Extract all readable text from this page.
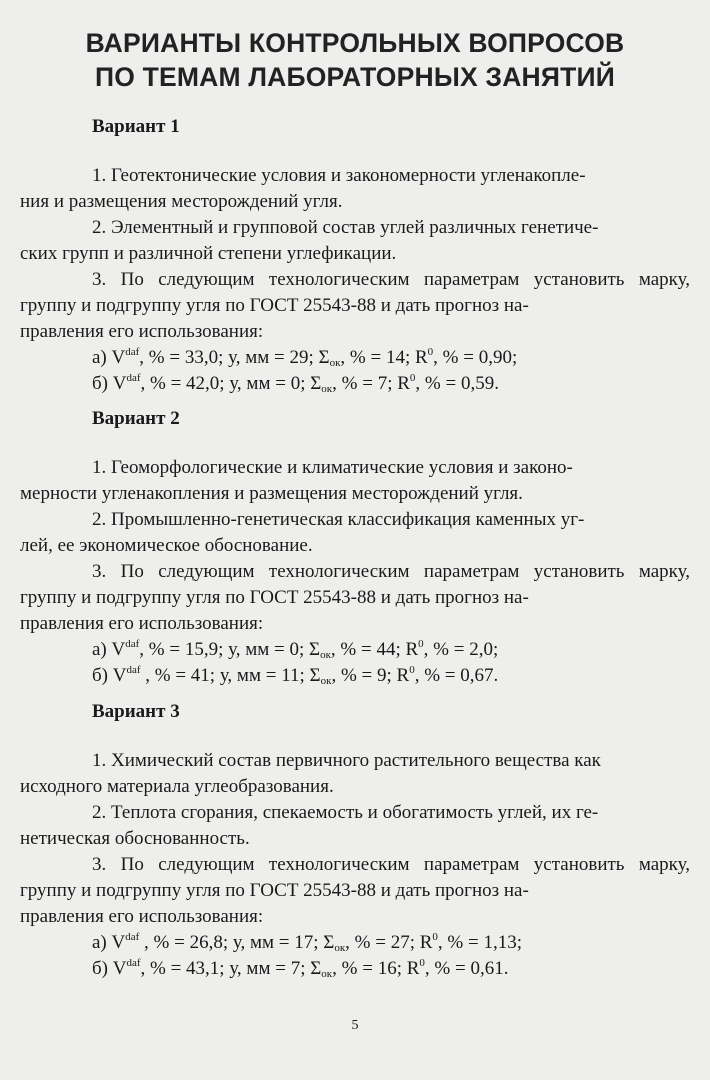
ВАРИАНТЫ КОНТРОЛЬНЫХ ВОПРОСОВ
ПО ТЕМАМ ЛАБОРАТОРНЫХ ЗАНЯТИЙ
Вариант 1

1. Геотектонические условия и закономерности угленакопле-
ния и размещения месторождений угля.

2. Элементный и групповой состав углей различных генетиче-
ских групп и различной степени углефикации.

3. По следующим технологическим параметрам установить марку, группу и подгруппу угля по ГОСТ 25543-88 и дать прогноз на-
правления его использования:

а) $V^{daf}$, % = 33,0; у, мм = 29; $\Sigma_{ок}$, % = 14; $R^0$, % = 0,90;

б) $V^{daf}$, % = 42,0; у, мм = 0; $\Sigma_{ок}$, % = 7; $R^0$, % = 0,59.

Вариант 2

1. Геоморфологические и климатические условия и законо-
мерности угленакопления и размещения месторождений угля.

2. Промышленно-генетическая классификация каменных уг-
лей, ее экономическое обоснование.

3. По следующим технологическим параметрам установить марку, группу и подгруппу угля по ГОСТ 25543-88 и дать прогноз на-
правления его использования:

а) $V^{daf}$, % = 15,9; у, мм = 0; $\Sigma_{ок}$, % = 44; $R^0$, % = 2,0;

б) $V^{daf}$ , % = 41; у, мм = 11; $\Sigma_{ок}$, % = 9; $R^0$, % = 0,67.

Вариант 3

1. Химический состав первичного растительного вещества как
исходного материала углеобразования.

2. Теплота сгорания, спекаемость и обогатимость углей, их ге-
нетическая обоснованность.

3. По следующим технологическим параметрам установить марку, группу и подгруппу угля по ГОСТ 25543-88 и дать прогноз на-
правления его использования:

а) $V^{daf}$ , % = 26,8; у, мм = 17; $\Sigma_{ок}$, % = 27; $R^0$, % = 1,13;

б) $V^{daf}$, % = 43,1; у, мм = 7; $\Sigma_{ок}$, % = 16; $R^0$, % = 0,61.

5
